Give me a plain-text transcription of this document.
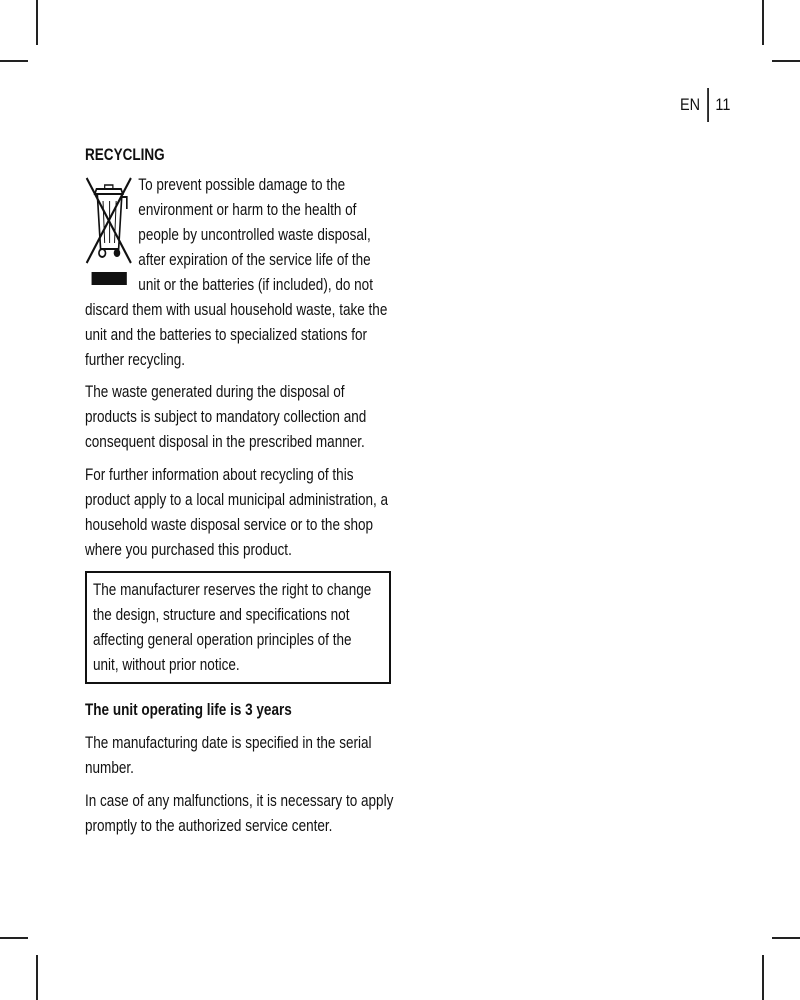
EN 11
RECYCLING
To prevent possible damage to the environment or harm to the health of people by uncontrolled waste disposal, after expiration of the service life of the unit or the batteries (if included), do not discard them with usual household waste, take the unit and the batteries to specialized stations for further recycling.

The waste generated during the disposal of products is subject to mandatory collection and consequent disposal in the prescribed manner.

For further information about recycling of this product apply to a local municipal administration, a household waste disposal service or to the shop where you purchased this product.

The manufacturer reserves the right to change the design, structure and specifications not affecting general operation principles of the unit, without prior notice.
The unit operating life is 3 years

The manufacturing date is specified in the serial number.

In case of any malfunctions, it is necessary to apply promptly to the authorized service center.
